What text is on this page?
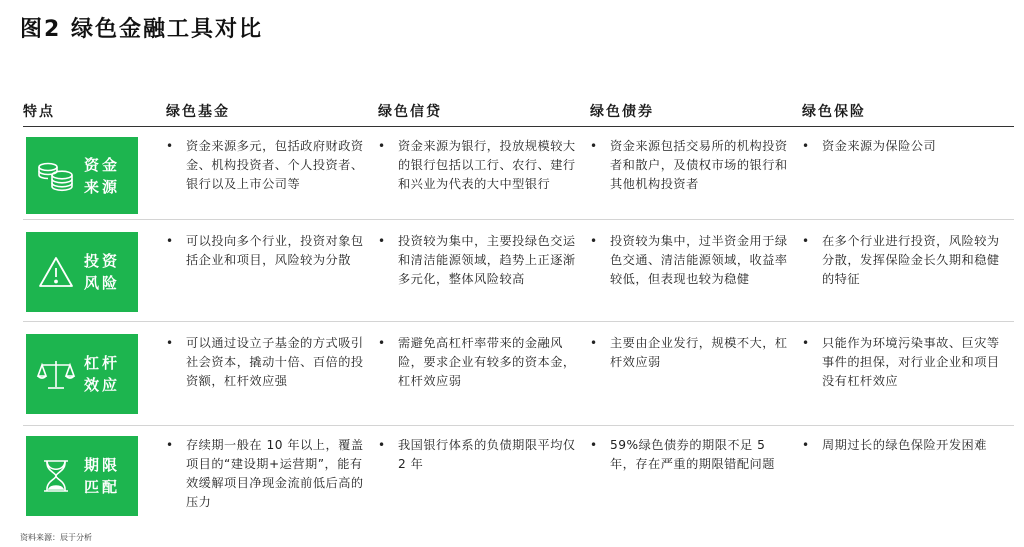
图2 绿色金融工具对比
特点	绿色基金	绿色信贷	绿色债券	绿色保险
资金来源
•	资金来源多元，包括政府财政资金、机构投资者、个人投资者、银行以及上市公司等
•	资金来源为银行，投放规模较大的银行包括以工行、农行、建行和兴业为代表的大中型银行
•	资金来源包括交易所的机构投资者和散户，及债权市场的银行和其他机构投资者
•	资金来源为保险公司
投资风险
•	可以投向多个行业，投资对象包括企业和项目，风险较为分散
•	投资较为集中，主要投绿色交运和清洁能源领域，趋势上正逐渐多元化，整体风险较高
•	投资较为集中，过半资金用于绿色交通、清洁能源领域，收益率较低，但表现也较为稳健
•	在多个行业进行投资，风险较为分散，发挥保险金长久期和稳健的特征
杠杆效应
•	可以通过设立子基金的方式吸引社会资本，撬动十倍、百倍的投资额，杠杆效应强
•	需避免高杠杆率带来的金融风险，要求企业有较多的资本金，杠杆效应弱
•	主要由企业发行，规模不大，杠杆效应弱
•	只能作为环境污染事故、巨灾等事件的担保，对行业企业和项目没有杠杆效应
期限匹配
•	存续期一般在 10 年以上，覆盖项目的“建设期+运营期”，能有效缓解项目净现金流前低后高的压力
•	我国银行体系的负债期限平均仅 2 年
•	59%绿色债券的期限不足 5 年，存在严重的期限错配问题
•	周期过长的绿色保险开发困难
资料来源：辰于分析
